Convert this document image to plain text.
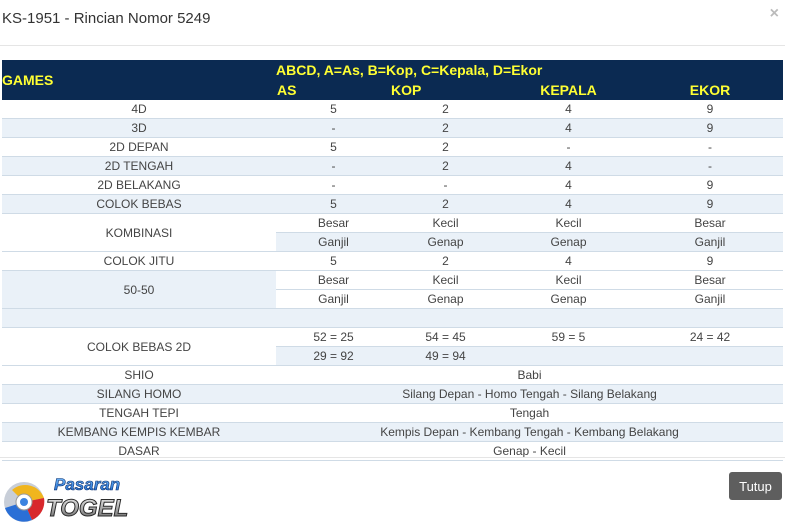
KS-1951 - Rincian Nomor 5249	×
GAMES	ABCD, A=As, B=Kop, C=Kepala, D=Ekor			
	AS	KOP	KEPALA	EKOR
4D	5	2	4	9
3D	-	2	4	9
2D DEPAN	5	2	-	-
2D TENGAH	-	2	4	-
2D BELAKANG	-	-	4	9
COLOK BEBAS	5	2	4	9
KOMBINASI	Besar	Kecil	Kecil	Besar
	Ganjil	Genap	Genap	Ganjil
COLOK JITU	5	2	4	9
50-50	Besar	Kecil	Kecil	Besar
	Ganjil	Genap	Genap	Ganjil

COLOK BEBAS 2D	52 = 25	54 = 45	59 = 5	24 = 42
	29 = 92	49 = 94		
SHIO	Babi			
SILANG HOMO	Silang Depan - Homo Tengah - Silang Belakang			
TENGAH TEPI	Tengah			
KEMBANG KEMPIS KEMBAR	Kempis Depan - Kembang Tengah - Kembang Belakang			
DASAR	Genap - Kecil			
Pasaran
TOGEL
Tutup
